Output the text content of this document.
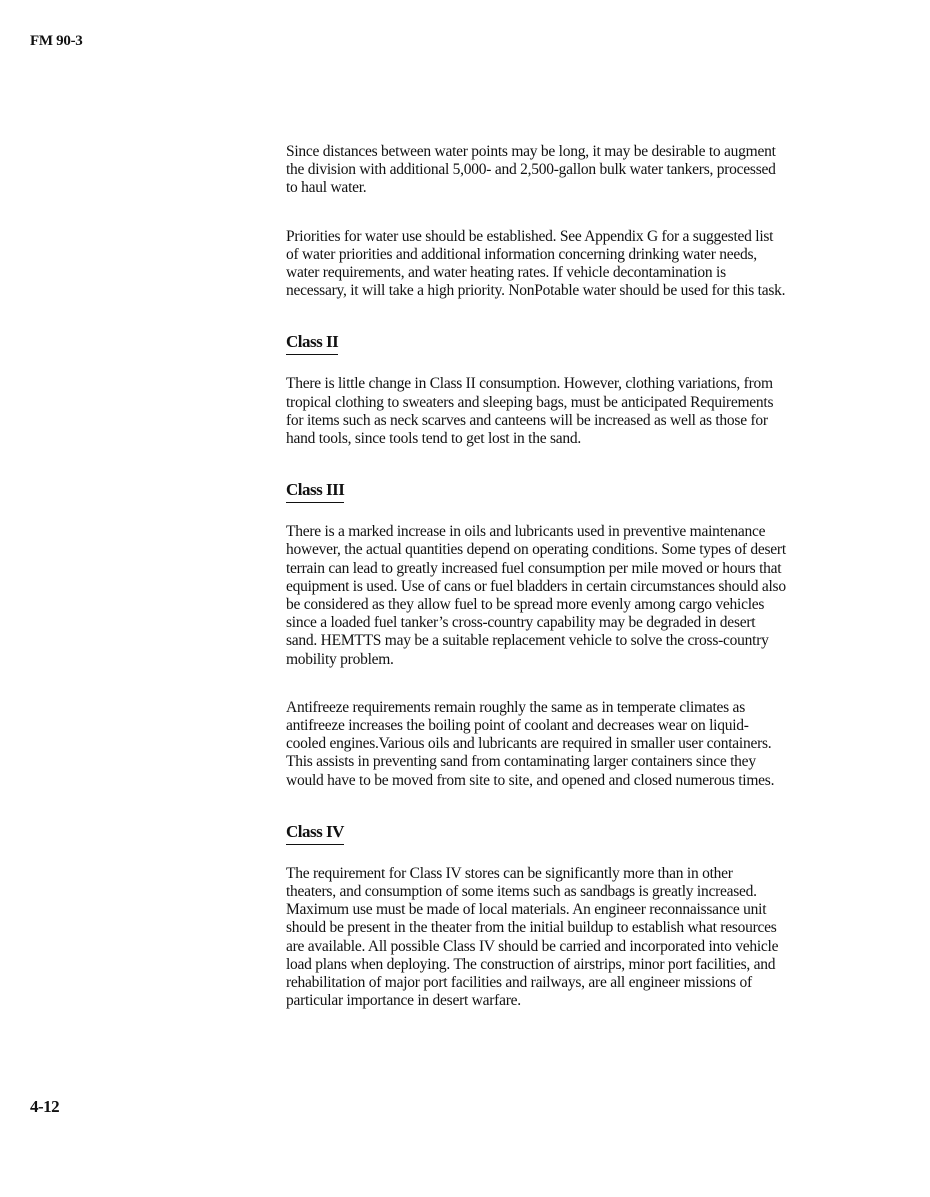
FM 90-3

Since distances between water points may be long, it may be desirable to augment the division with additional 5,000- and 2,500-gallon bulk water tankers, processed to haul water.

Priorities for water use should be established. See Appendix G for a suggested list of water priorities and additional information concerning drinking water needs, water requirements, and water heating rates. If vehicle decontamination is necessary, it will take a high priority. NonPotable water should be used for this task.

Class II

There is little change in Class II consumption. However, clothing variations, from tropical clothing to sweaters and sleeping bags, must be anticipated Requirements for items such as neck scarves and canteens will be increased as well as those for hand tools, since tools tend to get lost in the sand.

Class III

There is a marked increase in oils and lubricants used in preventive maintenance however, the actual quantities depend on operating conditions. Some types of desert terrain can lead to greatly increased fuel consumption per mile moved or hours that equipment is used. Use of cans or fuel bladders in certain circumstances should also be considered as they allow fuel to be spread more evenly among cargo vehicles since a loaded fuel tanker’s cross-country capability may be degraded in desert sand. HEMTTS may be a suitable replacement vehicle to solve the cross-country mobility problem.

Antifreeze requirements remain roughly the same as in temperate climates as antifreeze increases the boiling point of coolant and decreases wear on liquid-cooled engines.Various oils and lubricants are required in smaller user containers. This assists in preventing sand from contaminating larger containers since they would have to be moved from site to site, and opened and closed numerous times.

Class IV

The requirement for Class IV stores can be significantly more than in other theaters, and consumption of some items such as sandbags is greatly increased. Maximum use must be made of local materials. An engineer reconnaissance unit should be present in the theater from the initial buildup to establish what resources are available. All possible Class IV should be carried and incorporated into vehicle load plans when deploying. The construction of airstrips, minor port facilities, and rehabilitation of major port facilities and railways, are all engineer missions of particular importance in desert warfare.

4-12
